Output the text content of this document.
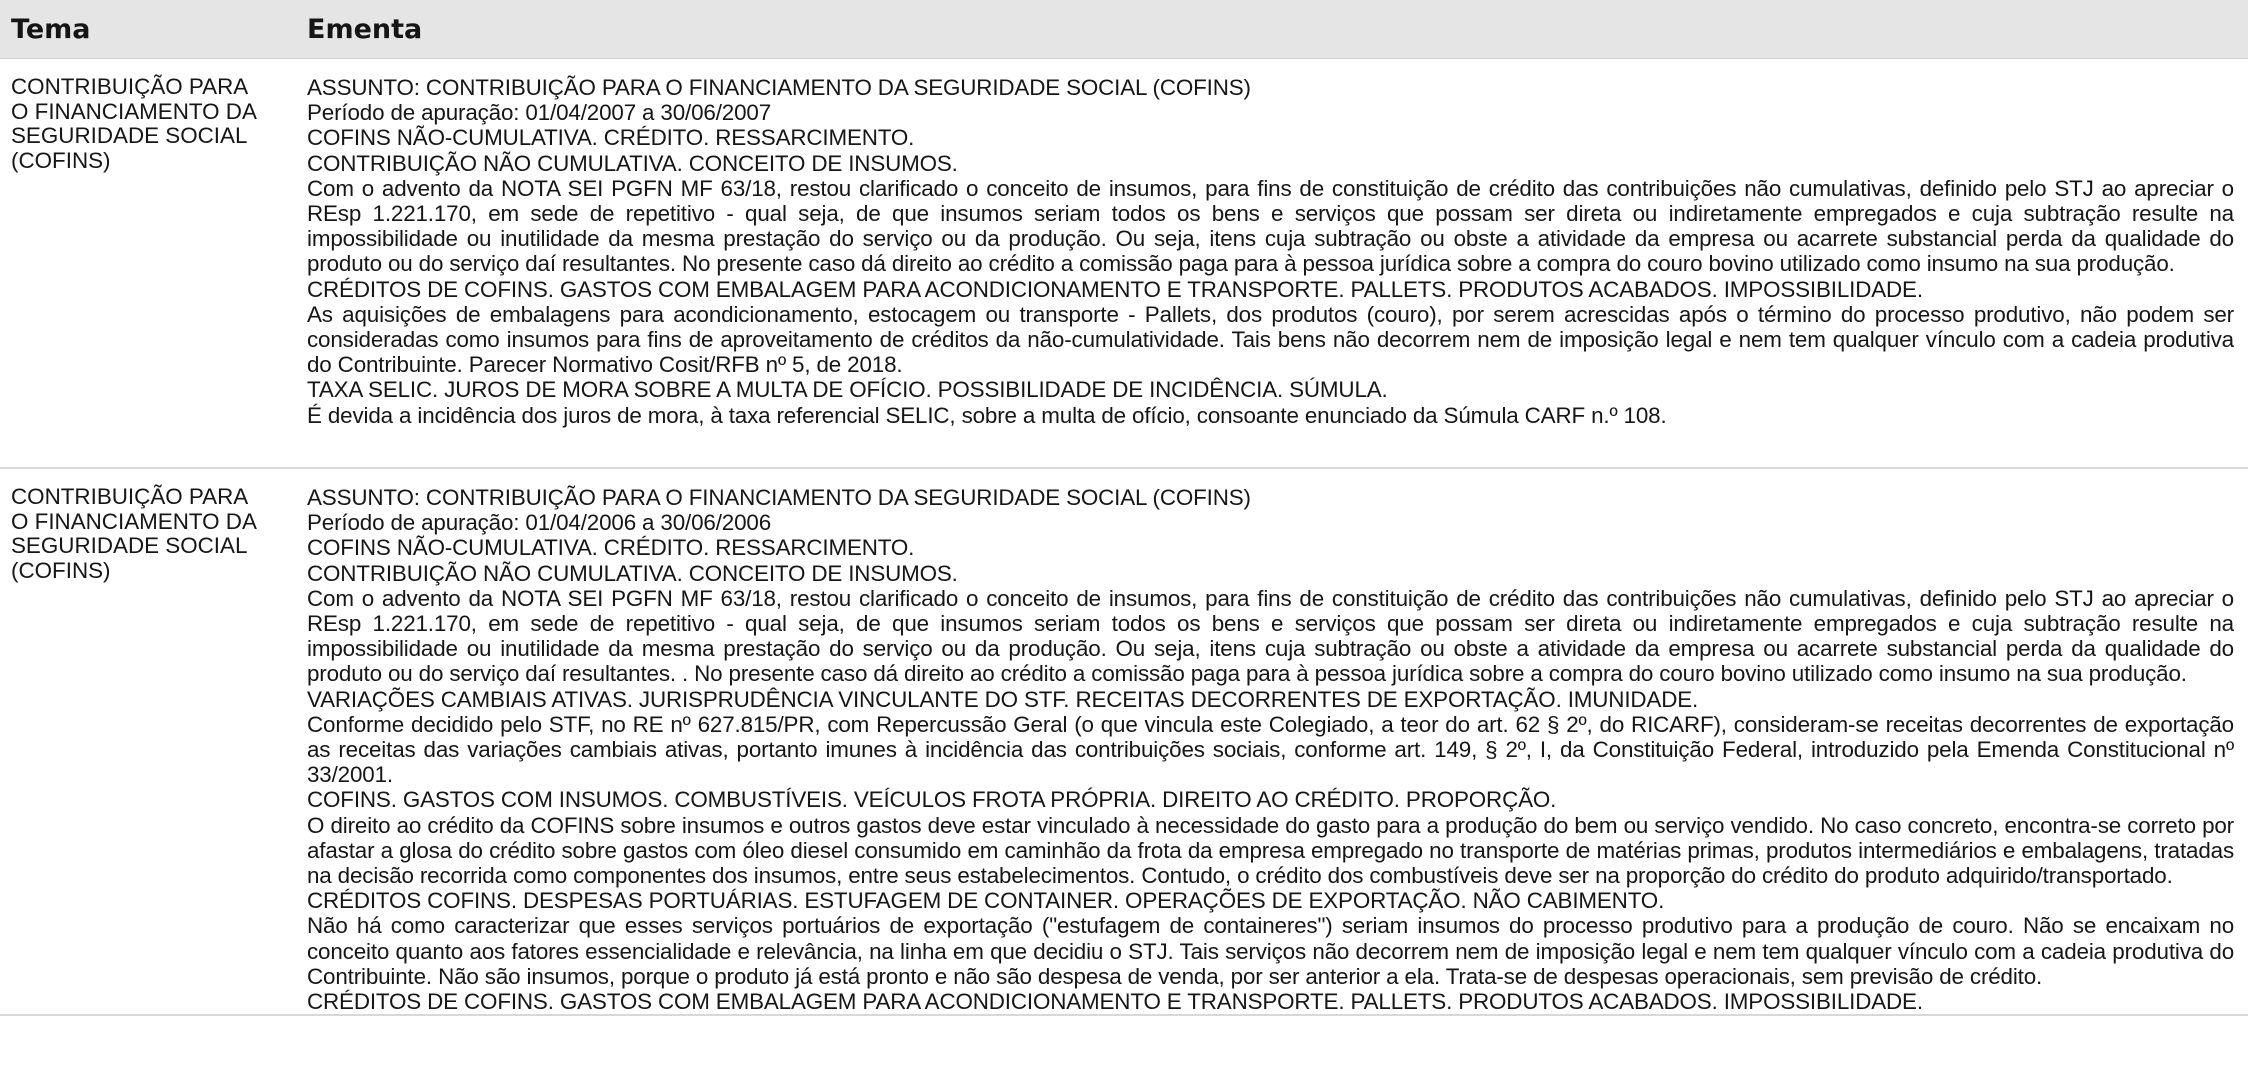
Tema	Ementa
CONTRIBUIÇÃO PARA
O FINANCIAMENTO DA
SEGURIDADE SOCIAL
(COFINS)
ASSUNTO: CONTRIBUIÇÃO PARA O FINANCIAMENTO DA SEGURIDADE SOCIAL (COFINS)
Período de apuração: 01/04/2007 a 30/06/2007
COFINS NÃO-CUMULATIVA. CRÉDITO. RESSARCIMENTO.
CONTRIBUIÇÃO NÃO CUMULATIVA. CONCEITO DE INSUMOS.
Com o advento da NOTA SEI PGFN MF 63/18, restou clarificado o conceito de insumos, para fins de constituição de crédito das contribuições não cumulativas, definido pelo STJ ao apreciar o REsp 1.221.170, em sede de repetitivo - qual seja, de que insumos seriam todos os bens e serviços que possam ser direta ou indiretamente empregados e cuja subtração resulte na impossibilidade ou inutilidade da mesma prestação do serviço ou da produção. Ou seja, itens cuja subtração ou obste a atividade da empresa ou acarrete substancial perda da qualidade do produto ou do serviço daí resultantes. No presente caso dá direito ao crédito a comissão paga para à pessoa jurídica sobre a compra do couro bovino utilizado como insumo na sua produção.
CRÉDITOS DE COFINS. GASTOS COM EMBALAGEM PARA ACONDICIONAMENTO E TRANSPORTE. PALLETS. PRODUTOS ACABADOS. IMPOSSIBILIDADE.
As aquisições de embalagens para acondicionamento, estocagem ou transporte - Pallets, dos produtos (couro), por serem acrescidas após o término do processo produtivo, não podem ser consideradas como insumos para fins de aproveitamento de créditos da não-cumulatividade. Tais bens não decorrem nem de imposição legal e nem tem qualquer vínculo com a cadeia produtiva do Contribuinte. Parecer Normativo Cosit/RFB nº 5, de 2018.
TAXA SELIC. JUROS DE MORA SOBRE A MULTA DE OFÍCIO. POSSIBILIDADE DE INCIDÊNCIA. SÚMULA.
É devida a incidência dos juros de mora, à taxa referencial SELIC, sobre a multa de ofício, consoante enunciado da Súmula CARF n.º 108.
CONTRIBUIÇÃO PARA
O FINANCIAMENTO DA
SEGURIDADE SOCIAL
(COFINS)
ASSUNTO: CONTRIBUIÇÃO PARA O FINANCIAMENTO DA SEGURIDADE SOCIAL (COFINS)
Período de apuração: 01/04/2006 a 30/06/2006
COFINS NÃO-CUMULATIVA. CRÉDITO. RESSARCIMENTO.
CONTRIBUIÇÃO NÃO CUMULATIVA. CONCEITO DE INSUMOS.
Com o advento da NOTA SEI PGFN MF 63/18, restou clarificado o conceito de insumos, para fins de constituição de crédito das contribuições não cumulativas, definido pelo STJ ao apreciar o REsp 1.221.170, em sede de repetitivo - qual seja, de que insumos seriam todos os bens e serviços que possam ser direta ou indiretamente empregados e cuja subtração resulte na impossibilidade ou inutilidade da mesma prestação do serviço ou da produção. Ou seja, itens cuja subtração ou obste a atividade da empresa ou acarrete substancial perda da qualidade do produto ou do serviço daí resultantes. . No presente caso dá direito ao crédito a comissão paga para à pessoa jurídica sobre a compra do couro bovino utilizado como insumo na sua produção.
VARIAÇÕES CAMBIAIS ATIVAS. JURISPRUDÊNCIA VINCULANTE DO STF. RECEITAS DECORRENTES DE EXPORTAÇÃO. IMUNIDADE.
Conforme decidido pelo STF, no RE nº 627.815/PR, com Repercussão Geral (o que vincula este Colegiado, a teor do art. 62 § 2º, do RICARF), consideram-se receitas decorrentes de exportação as receitas das variações cambiais ativas, portanto imunes à incidência das contribuições sociais, conforme art. 149, § 2º, I, da Constituição Federal, introduzido pela Emenda Constitucional nº 33/2001.
COFINS. GASTOS COM INSUMOS. COMBUSTÍVEIS. VEÍCULOS FROTA PRÓPRIA. DIREITO AO CRÉDITO. PROPORÇÃO.
O direito ao crédito da COFINS sobre insumos e outros gastos deve estar vinculado à necessidade do gasto para a produção do bem ou serviço vendido. No caso concreto, encontra-se correto por afastar a glosa do crédito sobre gastos com óleo diesel consumido em caminhão da frota da empresa empregado no transporte de matérias primas, produtos intermediários e embalagens, tratadas na decisão recorrida como componentes dos insumos, entre seus estabelecimentos. Contudo, o crédito dos combustíveis deve ser na proporção do crédito do produto adquirido/transportado.
CRÉDITOS COFINS. DESPESAS PORTUÁRIAS. ESTUFAGEM DE CONTAINER. OPERAÇÕES DE EXPORTAÇÃO. NÃO CABIMENTO.
Não há como caracterizar que esses serviços portuários de exportação ("estufagem de containeres") seriam insumos do processo produtivo para a produção de couro. Não se encaixam no conceito quanto aos fatores essencialidade e relevância, na linha em que decidiu o STJ. Tais serviços não decorrem nem de imposição legal e nem tem qualquer vínculo com a cadeia produtiva do Contribuinte. Não são insumos, porque o produto já está pronto e não são despesa de venda, por ser anterior a ela. Trata-se de despesas operacionais, sem previsão de crédito.
CRÉDITOS DE COFINS. GASTOS COM EMBALAGEM PARA ACONDICIONAMENTO E TRANSPORTE. PALLETS. PRODUTOS ACABADOS. IMPOSSIBILIDADE.
